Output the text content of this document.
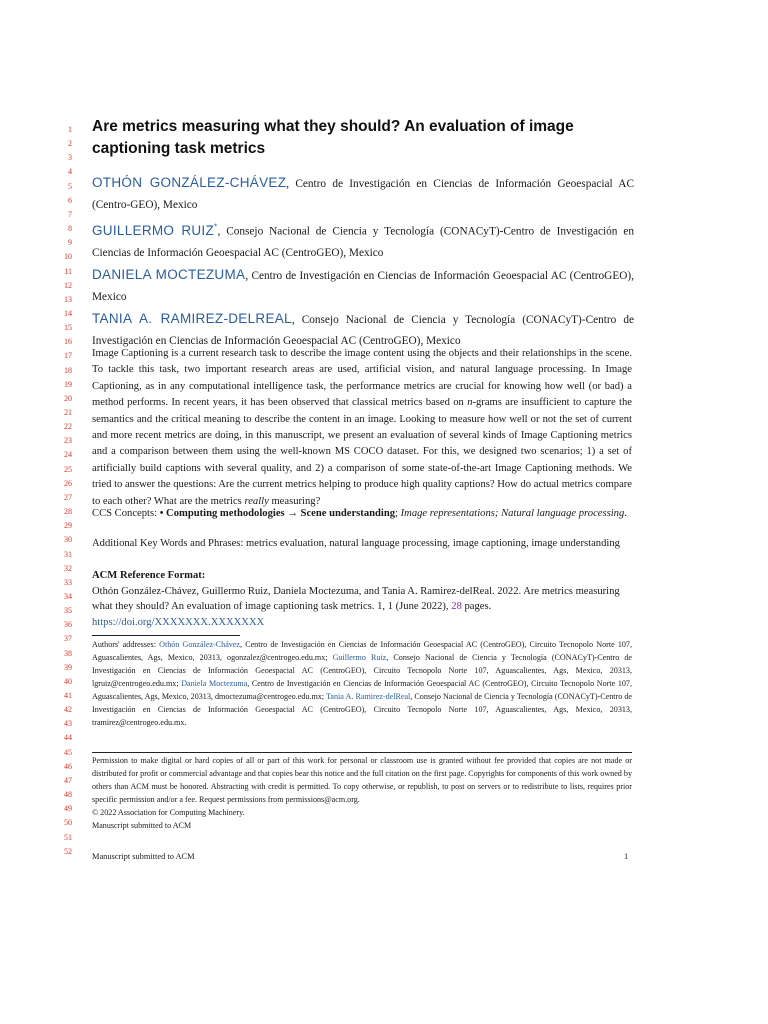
1
2
3
4
5
6
7
8
9
10
11
12
13
14
15
16
17
18
19
20
21
22
23
24
25
26
27
28
29
30
31
32
33
34
35
36
37
38
39
40
41
42
43
44
45
46
47
48
49
50
51
52
Are metrics measuring what they should? An evaluation of image captioning task metrics
OTHÓN GONZÁLEZ-CHÁVEZ, Centro de Investigación en Ciencias de Información Geoespacial AC (Centro-GEO), Mexico
GUILLERMO RUIZ*, Consejo Nacional de Ciencia y Tecnología (CONACyT)-Centro de Investigación en Ciencias de Información Geoespacial AC (CentroGEO), Mexico
DANIELA MOCTEZUMA, Centro de Investigación en Ciencias de Información Geoespacial AC (CentroGEO), Mexico
TANIA A. RAMIREZ-DELREAL, Consejo Nacional de Ciencia y Tecnología (CONACyT)-Centro de Investigación en Ciencias de Información Geoespacial AC (CentroGEO), Mexico
Image Captioning is a current research task to describe the image content using the objects and their relationships in the scene. To tackle this task, two important research areas are used, artificial vision, and natural language processing. In Image Captioning, as in any computational intelligence task, the performance metrics are crucial for knowing how well (or bad) a method performs. In recent years, it has been observed that classical metrics based on n-grams are insufficient to capture the semantics and the critical meaning to describe the content in an image. Looking to measure how well or not the set of current and more recent metrics are doing, in this manuscript, we present an evaluation of several kinds of Image Captioning metrics and a comparison between them using the well-known MS COCO dataset. For this, we designed two scenarios; 1) a set of artificially build captions with several quality, and 2) a comparison of some state-of-the-art Image Captioning methods. We tried to answer the questions: Are the current metrics helping to produce high quality captions? How do actual metrics compare to each other? What are the metrics really measuring?
CCS Concepts: • Computing methodologies → Scene understanding; Image representations; Natural language processing.
Additional Key Words and Phrases: metrics evaluation, natural language processing, image captioning, image understanding
ACM Reference Format:
Othón González-Chávez, Guillermo Ruiz, Daniela Moctezuma, and Tania A. Ramirez-delReal. 2022. Are metrics measuring what they should? An evaluation of image captioning task metrics. 1, 1 (June 2022), 28 pages. https://doi.org/XXXXXXX.XXXXXXX
Authors' addresses: Othón González-Chávez, Centro de Investigación en Ciencias de Información Geoespacial AC (CentroGEO), Circuito Tecnopolo Norte 107, Aguascalientes, Ags, Mexico, 20313, ogonzalez@centrogeo.edu.mx; Guillermo Ruiz, Consejo Nacional de Ciencia y Tecnología (CONACyT)-Centro de Investigación en Ciencias de Información Geoespacial AC (CentroGEO), Circuito Tecnopolo Norte 107, Aguascalientes, Ags, Mexico, 20313, lgruiz@centrogeo.edu.mx; Daniela Moctezuma, Centro de Investigación en Ciencias de Información Geoespacial AC (CentroGEO), Circuito Tecnopolo Norte 107, Aguascalientes, Ags, Mexico, 20313, dmoctezuma@centrogeo.edu.mx; Tania A. Ramirez-delReal, Consejo Nacional de Ciencia y Tecnología (CONACyT)-Centro de Investigación en Ciencias de Información Geoespacial AC (CentroGEO), Circuito Tecnopolo Norte 107, Aguascalientes, Ags, Mexico, 20313, tramirez@centrogeo.edu.mx.
Permission to make digital or hard copies of all or part of this work for personal or classroom use is granted without fee provided that copies are not made or distributed for profit or commercial advantage and that copies bear this notice and the full citation on the first page. Copyrights for components of this work owned by others than ACM must be honored. Abstracting with credit is permitted. To copy otherwise, or republish, to post on servers or to redistribute to lists, requires prior specific permission and/or a fee. Request permissions from permissions@acm.org.
© 2022 Association for Computing Machinery.
Manuscript submitted to ACM
Manuscript submitted to ACM	1
